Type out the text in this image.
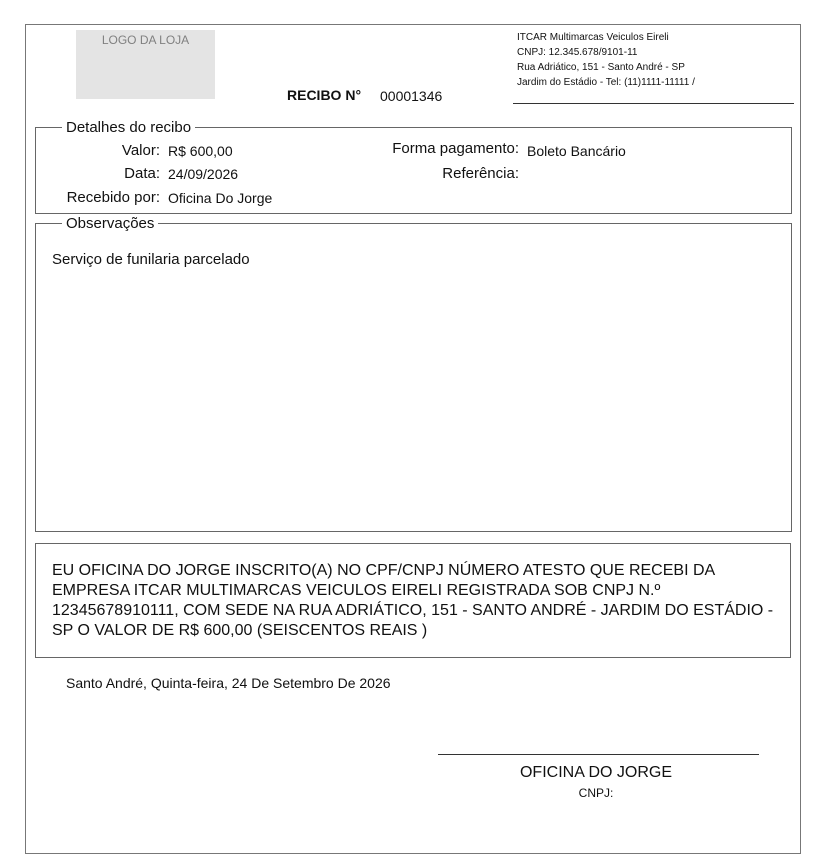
LOGO DA LOJA
RECIBO N° 00001346
ITCAR Multimarcas Veiculos Eireli
CNPJ: 12.345.678/9101-11
Rua Adriático, 151 - Santo André - SP
Jardim do Estádio - Tel: (11)1111-11111 /
Detalhes do recibo
Valor: R$ 600,00
Data: 24/09/2026
Recebido por: Oficina Do Jorge
Forma pagamento: Boleto Bancário
Referência:
Observações
Serviço de funilaria parcelado
EU OFICINA DO JORGE INSCRITO(A) NO CPF/CNPJ NÚMERO ATESTO QUE RECEBI DA EMPRESA ITCAR MULTIMARCAS VEICULOS EIRELI REGISTRADA SOB CNPJ N.º 12345678910111, COM SEDE NA RUA ADRIÁTICO, 151 - SANTO ANDRÉ - JARDIM DO ESTÁDIO - SP O VALOR DE R$ 600,00 (SEISCENTOS REAIS )
Santo André, Quinta-feira, 24 De Setembro De 2026
OFICINA DO JORGE
CNPJ:
